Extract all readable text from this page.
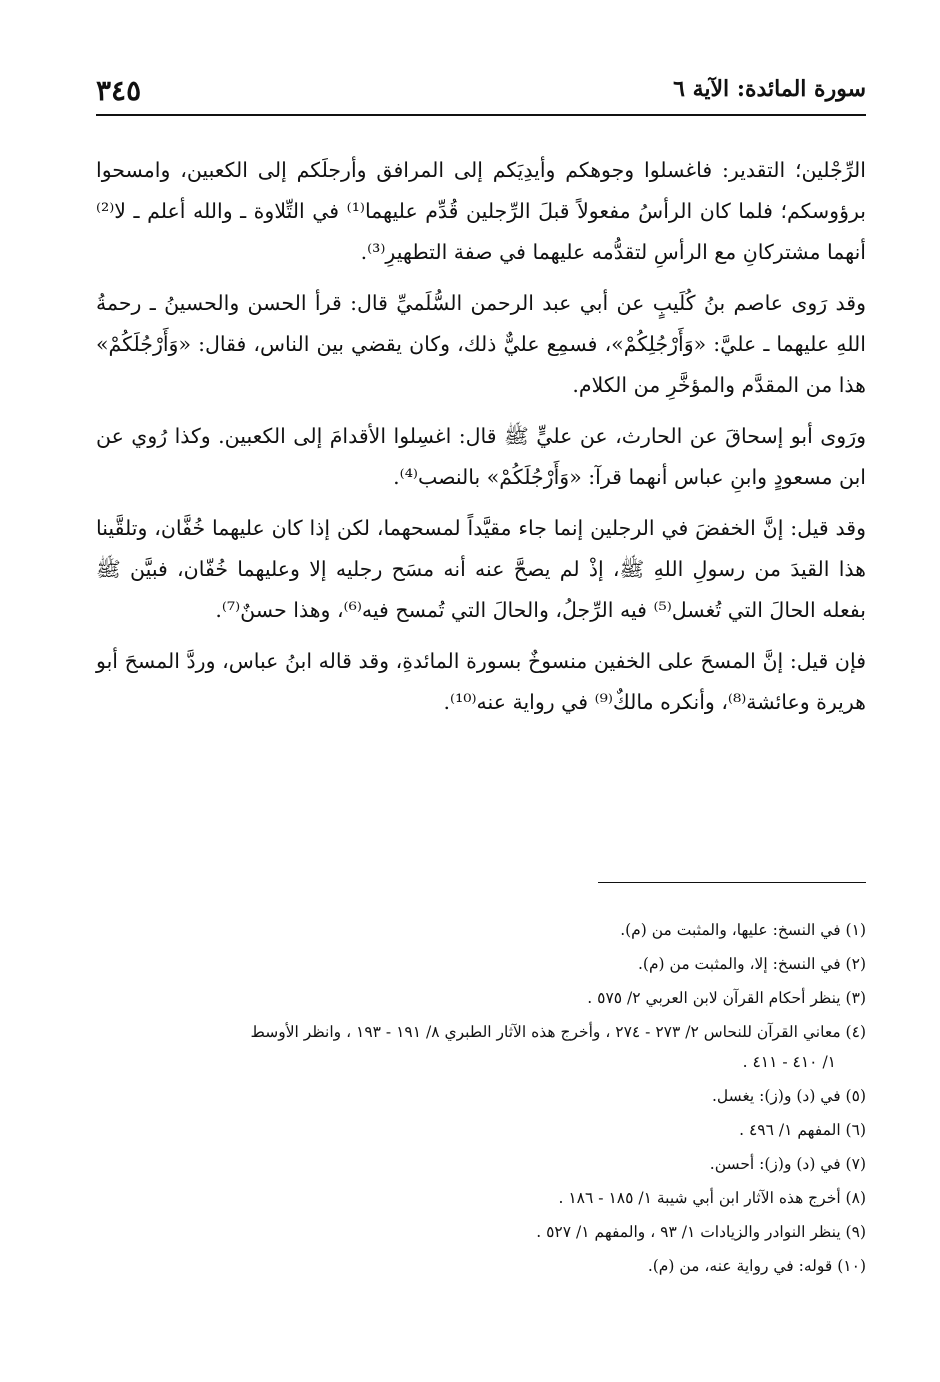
سورة المائدة: الآية ٦
٣٤٥

الرِّجْلين؛ التقدير: فاغسلوا وجوهكم وأيدِيَكم إلى المرافق وأرجلَكم إلى الكعبين، وامسحوا برؤوسكم؛ فلما كان الرأسُ مفعولاً قبلَ الرِّجلين قُدِّم عليهما⁽¹⁾ في التِّلاوة ـ والله أعلم ـ لا⁽²⁾ أنهما مشتركانِ مع الرأسِ لتقدُّمه عليهما في صفة التطهيرِ⁽³⁾.

وقد رَوى عاصم بنُ كُلَيبٍ عن أبي عبد الرحمن السُّلَميِّ قال: قرأ الحسن والحسينُ ـ رحمةُ اللهِ عليهما ـ عليَّ: «وَأَرْجُلِكُمْ»، فسمِع عليٌّ ذلك، وكان يقضي بين الناس، فقال: «وَأَرْجُلَكُمْ» هذا من المقدَّم والمؤخَّرِ من الكلام.

ورَوى أبو إسحاقَ عن الحارث، عن عليٍّ ﷺ قال: اغسِلوا الأقدامَ إلى الكعبين. وكذا رُوي عن ابن مسعودٍ وابنِ عباس أنهما قرآ: «وَأَرْجُلَكُمْ» بالنصب⁽⁴⁾.

وقد قيل: إنَّ الخفضَ في الرجلين إنما جاء مقيَّداً لمسحهما، لكن إذا كان عليهما خُفَّان، وتلقَّينا هذا القيدَ من رسولِ اللهِ ﷺ، إذْ لم يصحَّ عنه أنه مسَح رجليه إلا وعليهما خُفّان، فبيَّن ﷺ بفعله الحالَ التي تُغسل⁽⁵⁾ فيه الرِّجلُ، والحالَ التي تُمسح فيه⁽⁶⁾، وهذا حسنٌ⁽⁷⁾.

فإن قيل: إنَّ المسحَ على الخفين منسوخٌ بسورة المائدةِ، وقد قاله ابنُ عباس، وردَّ المسحَ أبو هريرة وعائشة⁽⁸⁾، وأنكره مالكٌ⁽⁹⁾ في رواية عنه⁽¹⁰⁾.

(١) في النسخ: عليها، والمثبت من (م).

(٢) في النسخ: إلا، والمثبت من (م).

(٣) ينظر أحكام القرآن لابن العربي ٢/ ٥٧٥ .

(٤) معاني القرآن للنحاس ٢/ ٢٧٣ - ٢٧٤ ، وأخرج هذه الآثار الطبري ٨/ ١٩١ - ١٩٣ ، وانظر الأوسط

١/ ٤١٠ - ٤١١ .

(٥) في (د) و(ز): يغسل.

(٦) المفهم ١/ ٤٩٦ .

(٧) في (د) و(ز): أحسن.

(٨) أخرج هذه الآثار ابن أبي شيبة ١/ ١٨٥ - ١٨٦ .

(٩) ينظر النوادر والزيادات ١/ ٩٣ ، والمفهم ١/ ٥٢٧ .

(١٠) قوله: في رواية عنه، من (م).
